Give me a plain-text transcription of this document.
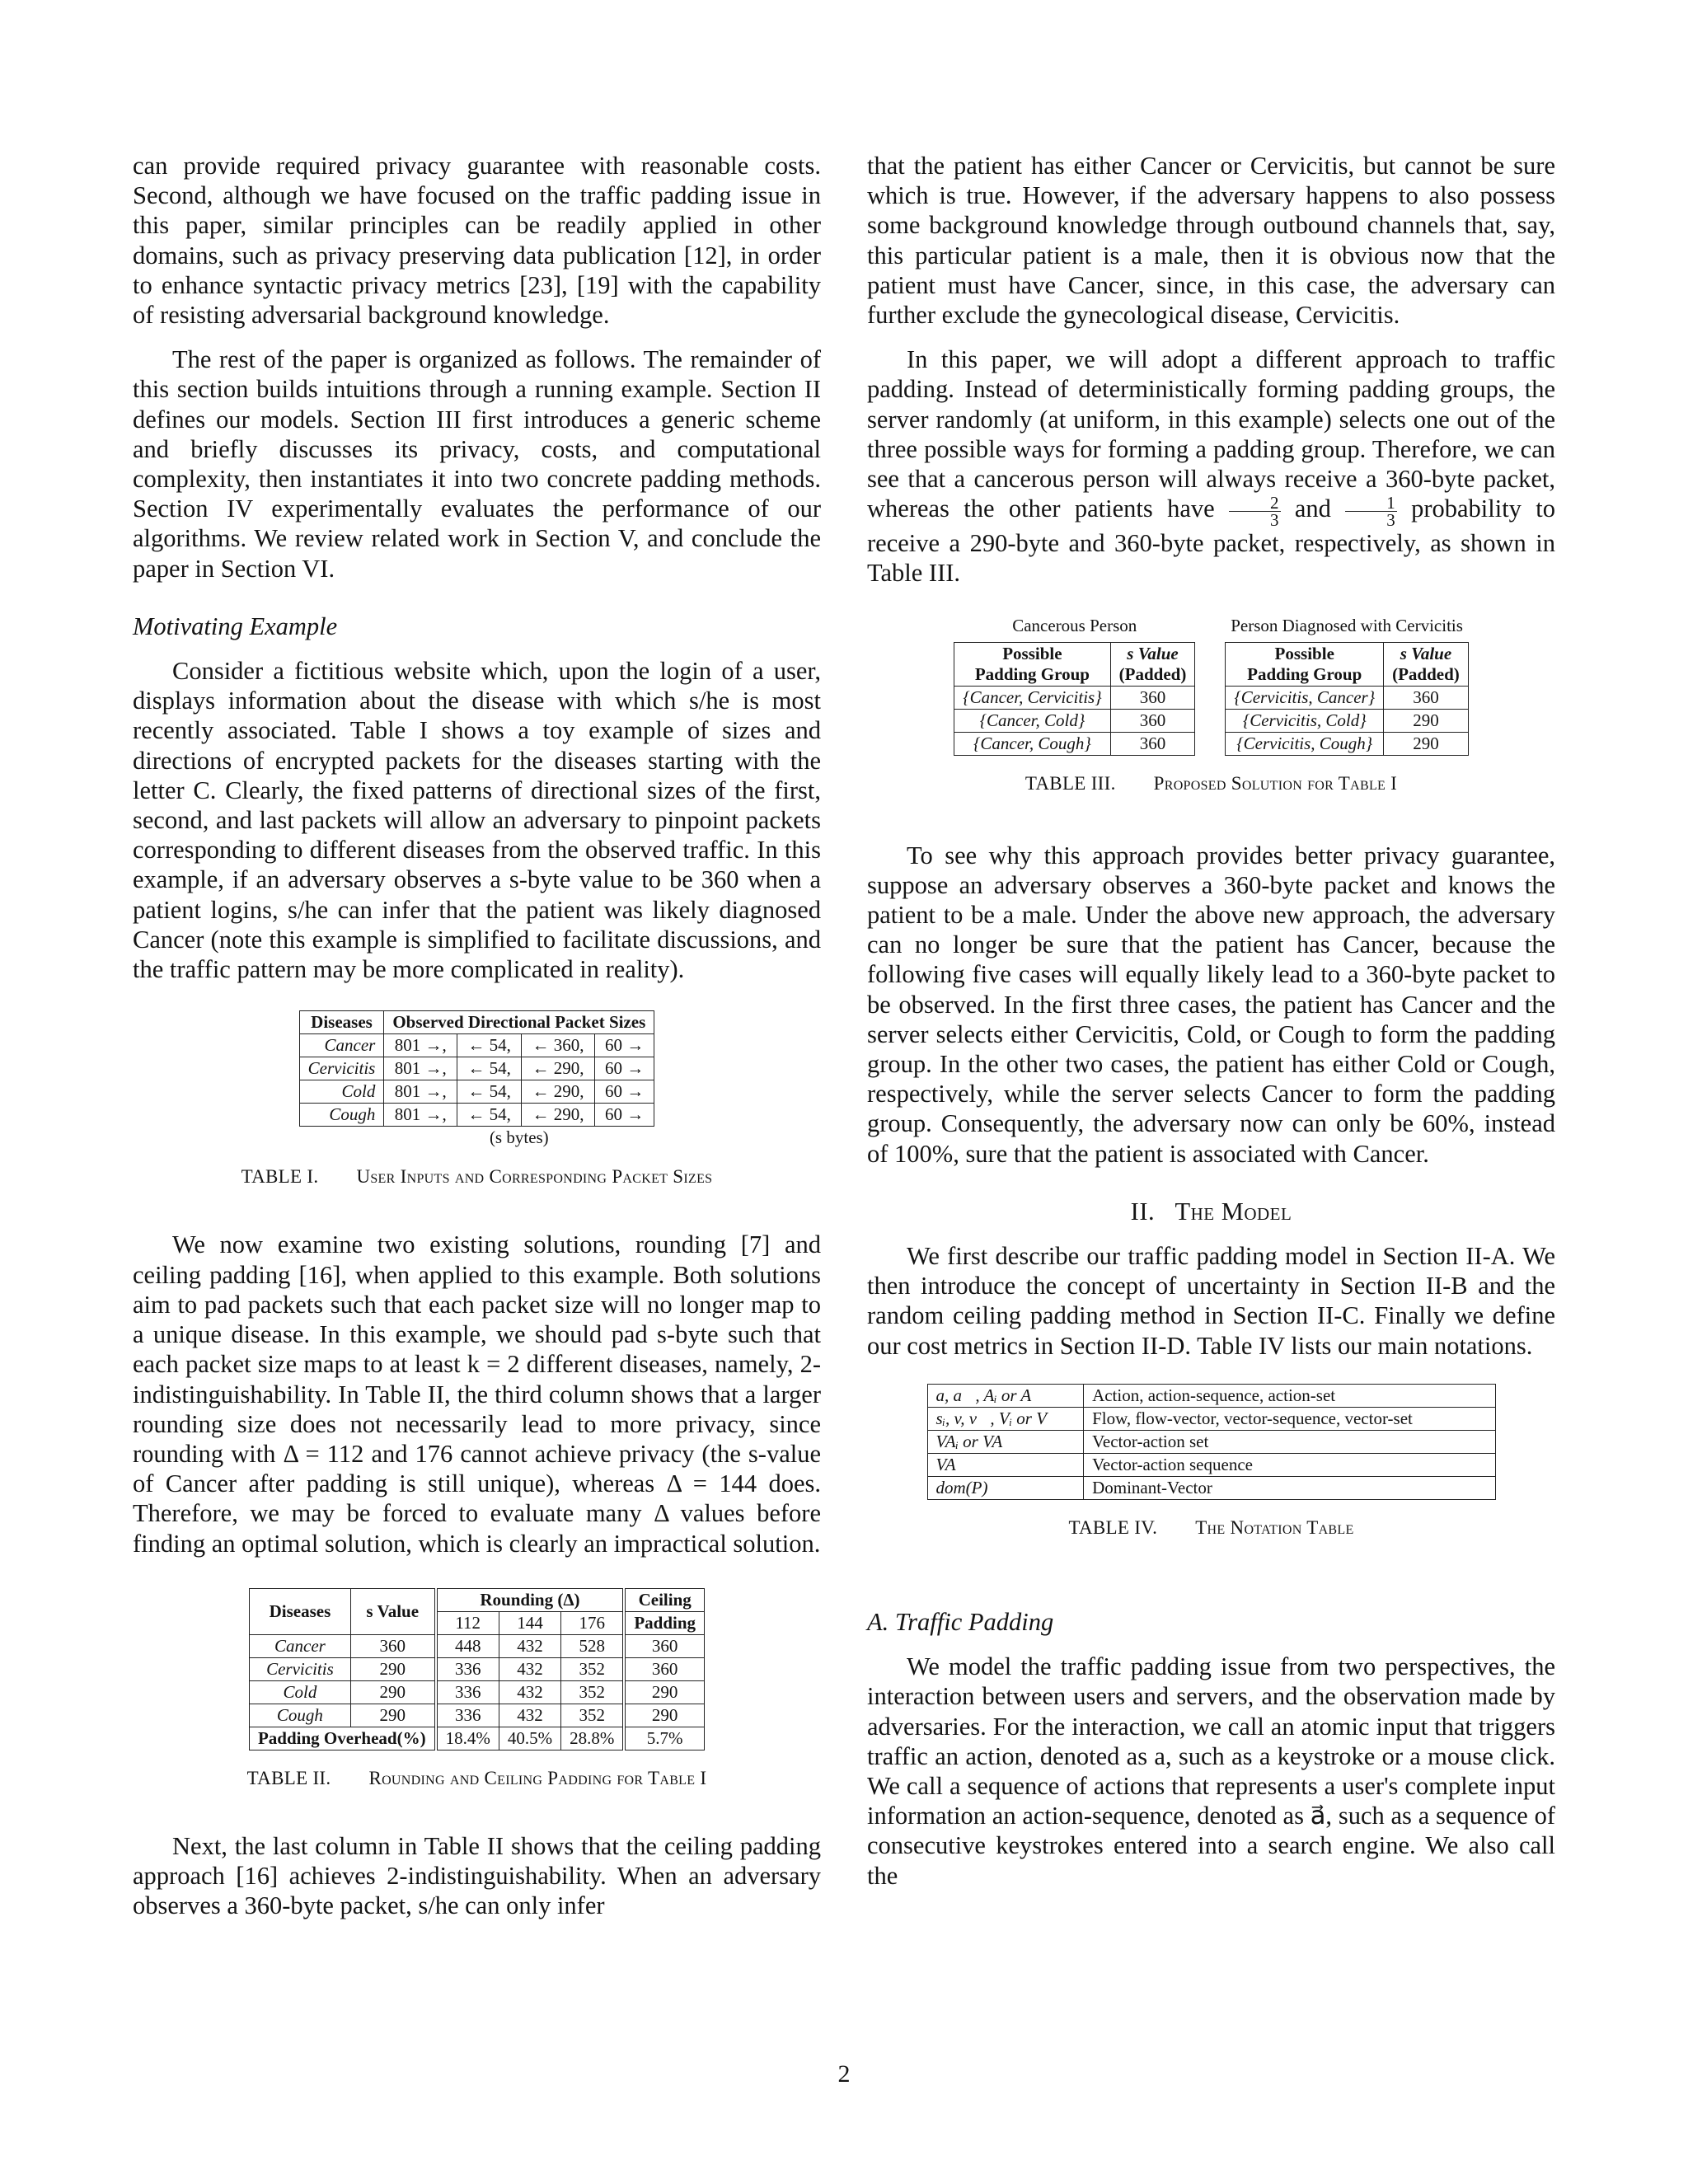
can provide required privacy guarantee with reasonable costs. Second, although we have focused on the traffic padding issue in this paper, similar principles can be readily applied in other domains, such as privacy preserving data publication [12], in order to enhance syntactic privacy metrics [23], [19] with the capability of resisting adversarial background knowledge.

The rest of the paper is organized as follows. The remainder of this section builds intuitions through a running example. Section II defines our models. Section III first introduces a generic scheme and briefly discusses its privacy, costs, and computational complexity, then instantiates it into two concrete padding methods. Section IV experimentally evaluates the performance of our algorithms. We review related work in Section V, and conclude the paper in Section VI.

Motivating Example

Consider a fictitious website which, upon the login of a user, displays information about the disease with which s/he is most recently associated. Table I shows a toy example of sizes and directions of encrypted packets for the diseases starting with the letter C. Clearly, the fixed patterns of directional sizes of the first, second, and last packets will allow an adversary to pinpoint packets corresponding to different diseases from the observed traffic. In this example, if an adversary observes a s-byte value to be 360 when a patient logins, s/he can infer that the patient was likely diagnosed Cancer (note this example is simplified to facilitate discussions, and the traffic pattern may be more complicated in reality).

Diseases	Observed Directional Packet Sizes			
Cancer	801 →,	← 54,	← 360,	60 →
Cervicitis	801 →,	← 54,	← 290,	60 →
Cold	801 →,	← 54,	← 290,	60 →
Cough	801 →,	← 54,	← 290,	60 →
	(s bytes)			
TABLE I. User Inputs and Corresponding Packet Sizes

We now examine two existing solutions, rounding [7] and ceiling padding [16], when applied to this example. Both solutions aim to pad packets such that each packet size will no longer map to a unique disease. In this example, we should pad s-byte such that each packet size maps to at least k = 2 different diseases, namely, 2-indistinguishability. In Table II, the third column shows that a larger rounding size does not necessarily lead to more privacy, since rounding with Δ = 112 and 176 cannot achieve privacy (the s-value of Cancer after padding is still unique), whereas Δ = 144 does. Therefore, we may be forced to evaluate many Δ values before finding an optimal solution, which is clearly an impractical solution.

Diseases	s Value	Rounding (Δ)			Ceiling
		112	144	176	Padding
Cancer	360	448	432	528	360
Cervicitis	290	336	432	352	360
Cold	290	336	432	352	290
Cough	290	336	432	352	290
Padding Overhead(%)		18.4%	40.5%	28.8%	5.7%
TABLE II. Rounding and Ceiling Padding for Table I

Next, the last column in Table II shows that the ceiling padding approach [16] achieves 2-indistinguishability. When an adversary observes a 360-byte packet, s/he can only infer

that the patient has either Cancer or Cervicitis, but cannot be sure which is true. However, if the adversary happens to also possess some background knowledge through outbound channels that, say, this particular patient is a male, then it is obvious now that the patient must have Cancer, since, in this case, the adversary can further exclude the gynecological disease, Cervicitis.

In this paper, we will adopt a different approach to traffic padding. Instead of deterministically forming padding groups, the server randomly (at uniform, in this example) selects one out of the three possible ways for forming a padding group. Therefore, we can see that a cancerous person will always receive a 360-byte packet, whereas the other patients have $\frac{2}{3}$ and $\frac{1}{3}$ probability to receive a 290-byte and 360-byte packet, respectively, as shown in Table III.

Cancerous Person
Possible
Padding Group	s Value
(Padded)
{Cancer, Cervicitis}	360
{Cancer, Cold}	360
{Cancer, Cough}	360
Person Diagnosed with Cervicitis
Possible
Padding Group	s Value
(Padded)
{Cervicitis, Cancer}	360
{Cervicitis, Cold}	290
{Cervicitis, Cough}	290
TABLE III. Proposed Solution for Table I

To see why this approach provides better privacy guarantee, suppose an adversary observes a 360-byte packet and knows the patient to be a male. Under the above new approach, the adversary can no longer be sure that the patient has Cancer, because the following five cases will equally likely lead to a 360-byte packet to be observed. In the first three cases, the patient has Cancer and the server selects either Cervicitis, Cold, or Cough to form the padding group. In the other two cases, the patient has either Cold or Cough, respectively, while the server selects Cancer to form the padding group. Consequently, the adversary now can only be 60%, instead of 100%, sure that the patient is associated with Cancer.

II. The Model

We first describe our traffic padding model in Section II-A. We then introduce the concept of uncertainty in Section II-B and the random ceiling padding method in Section II-C. Finally we define our cost metrics in Section II-D. Table IV lists our main notations.

a, a⃗, Aᵢ or A	Action, action-sequence, action-set
sᵢ, v, v⃗, Vᵢ or V	Flow, flow-vector, vector-sequence, vector-set
VAᵢ or VA	Vector-action set
VA⃗	Vector-action sequence
dom(P)	Dominant-Vector
TABLE IV. The Notation Table

A. Traffic Padding

We model the traffic padding issue from two perspectives, the interaction between users and servers, and the observation made by adversaries. For the interaction, we call an atomic input that triggers traffic an action, denoted as a, such as a keystroke or a mouse click. We call a sequence of actions that represents a user's complete input information an action-sequence, denoted as a⃗, such as a sequence of consecutive keystrokes entered into a search engine. We also call the

2
